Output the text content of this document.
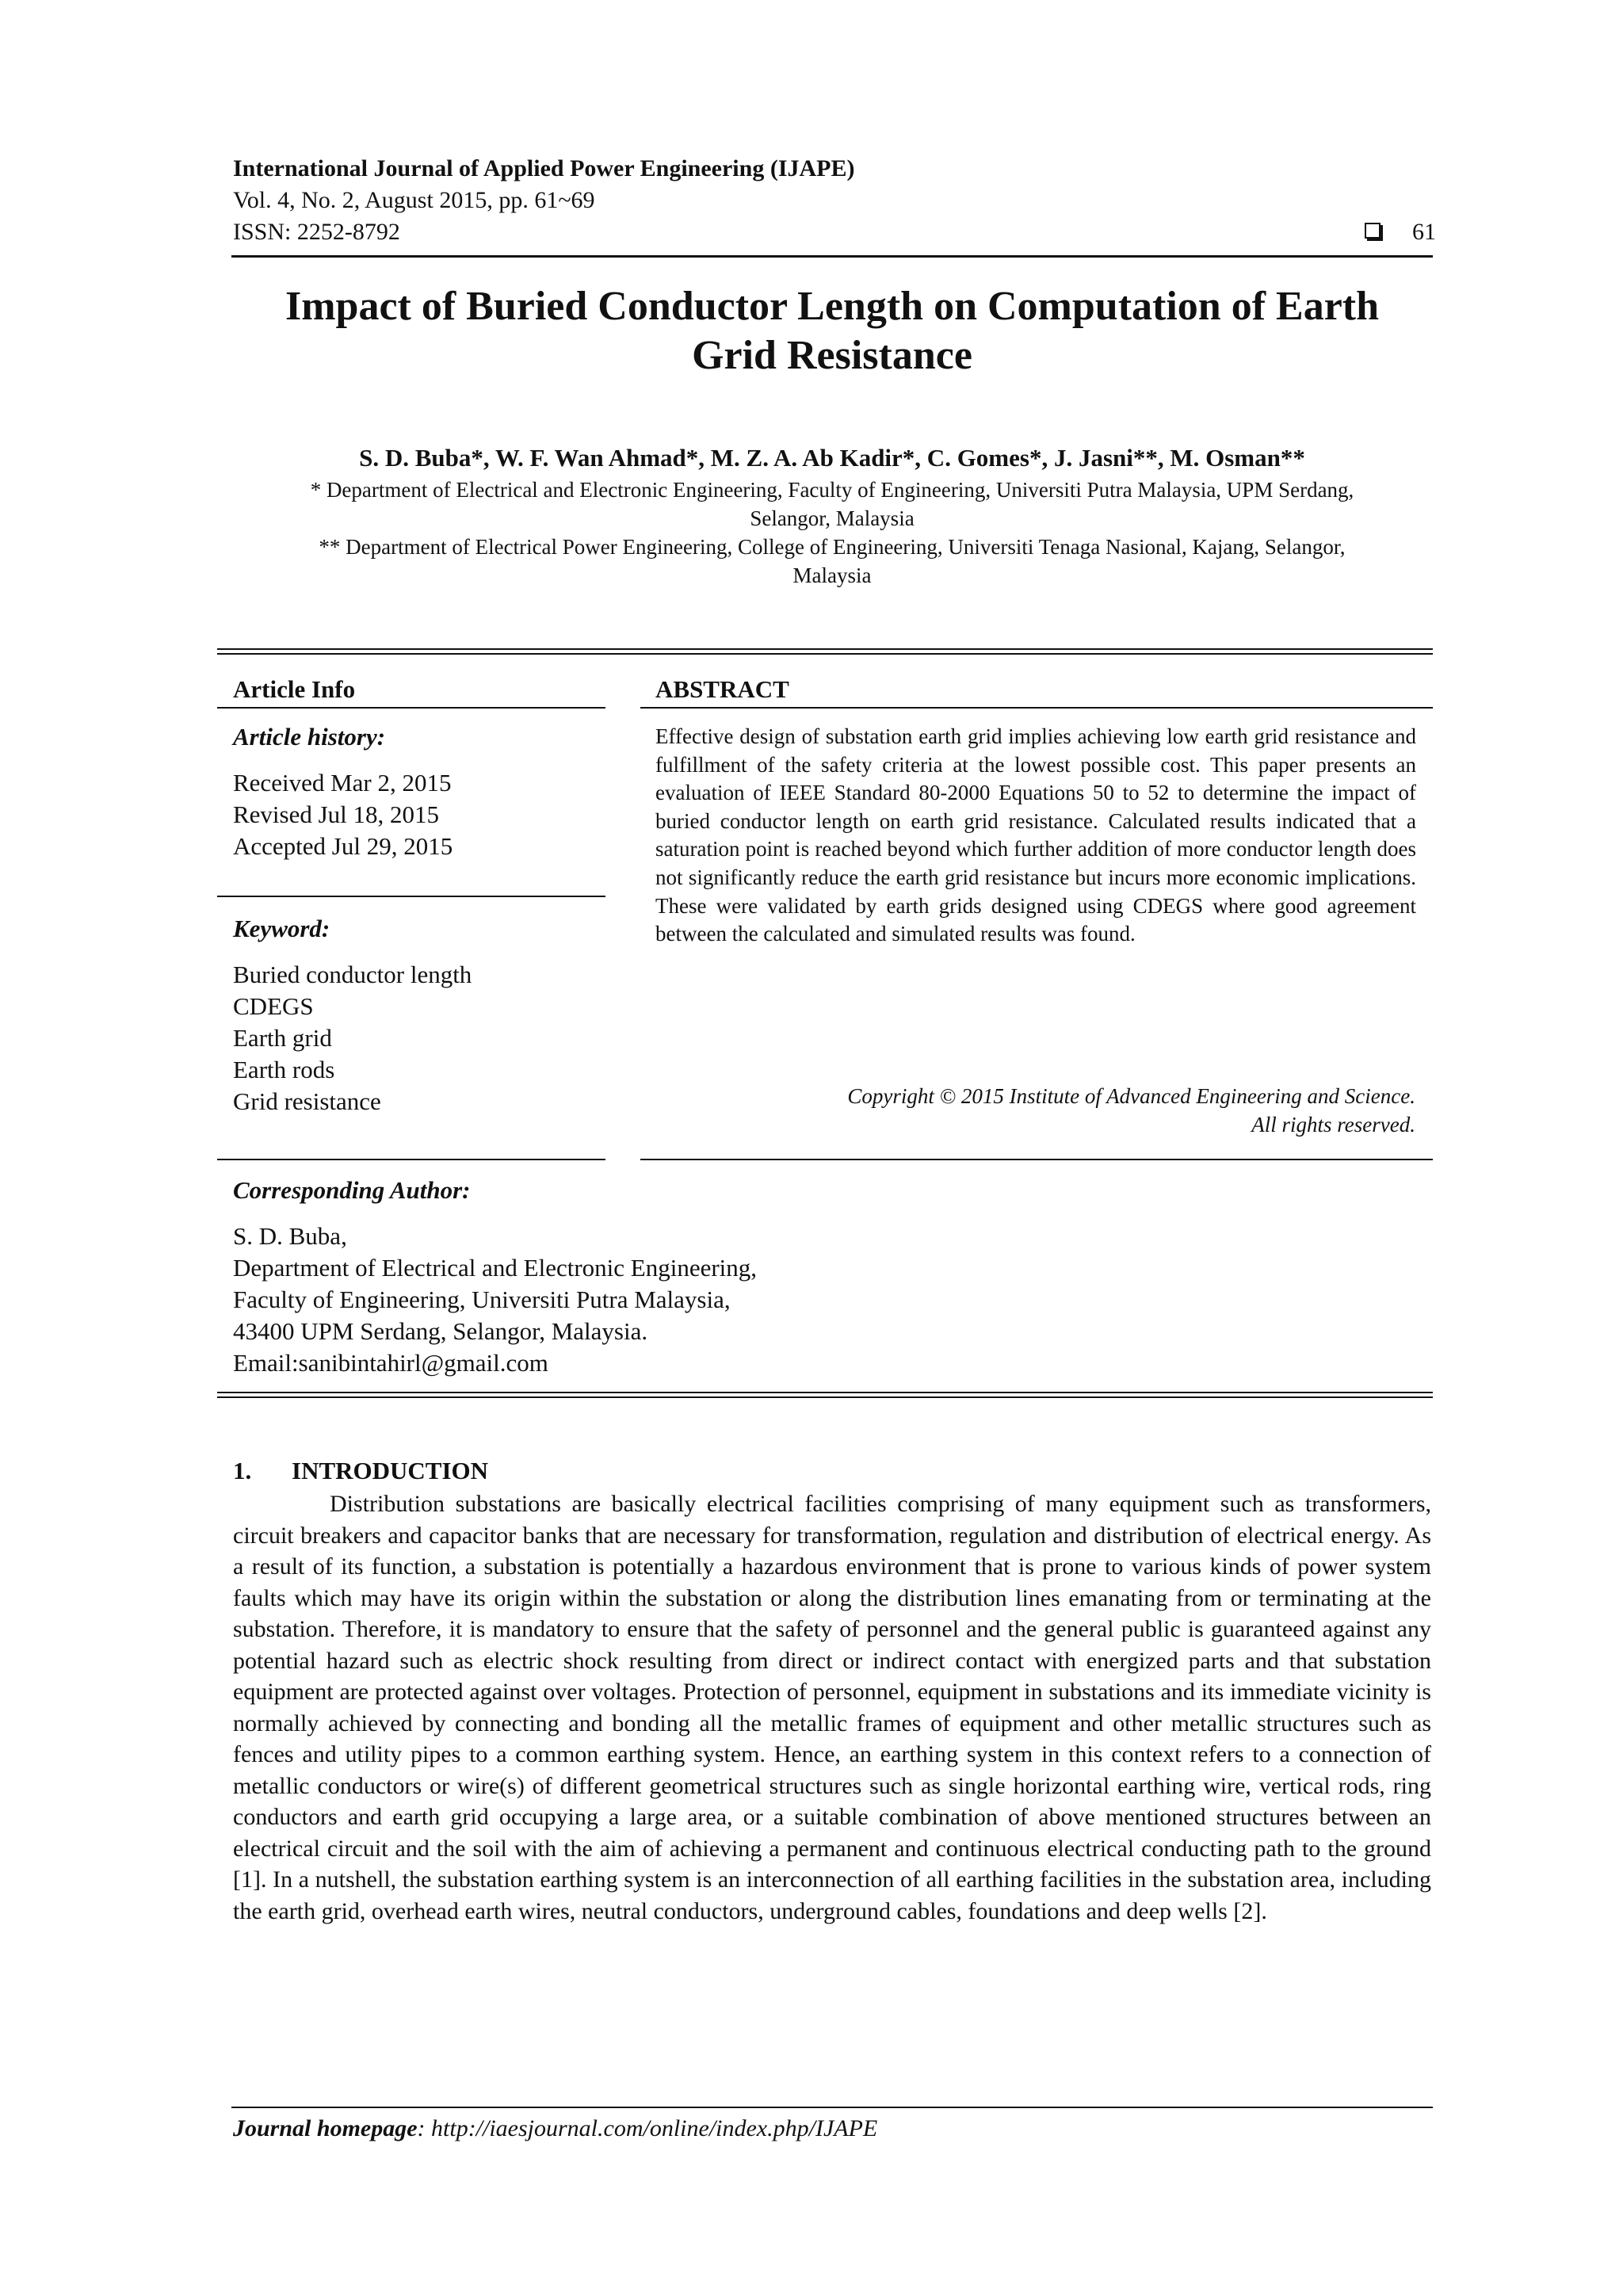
International Journal of Applied Power Engineering (IJAPE)
Vol. 4, No. 2, August 2015, pp. 61~69
ISSN: 2252-8792	61
Impact of Buried Conductor Length on Computation of Earth
Grid Resistance
S. D. Buba*, W. F. Wan Ahmad*, M. Z. A. Ab Kadir*, C. Gomes*, J. Jasni**, M. Osman**
* Department of Electrical and Electronic Engineering, Faculty of Engineering, Universiti Putra Malaysia, UPM Serdang,
Selangor, Malaysia
** Department of Electrical Power Engineering, College of Engineering, Universiti Tenaga Nasional, Kajang, Selangor,
Malaysia
Article Info
Article history:
Received Mar 2, 2015
Revised Jul 18, 2015
Accepted Jul 29, 2015
Keyword:
Buried conductor length
CDEGS
Earth grid
Earth rods
Grid resistance
ABSTRACT
Effective design of substation earth grid implies achieving low earth grid resistance and fulfillment of the safety criteria at the lowest possible cost. This paper presents an evaluation of IEEE Standard 80-2000 Equations 50 to 52 to determine the impact of buried conductor length on earth grid resistance. Calculated results indicated that a saturation point is reached beyond which further addition of more conductor length does not significantly reduce the earth grid resistance but incurs more economic implications. These were validated by earth grids designed using CDEGS where good agreement between the calculated and simulated results was found.
Copyright © 2015 Institute of Advanced Engineering and Science.
All rights reserved.
Corresponding Author:
S. D. Buba,
Department of Electrical and Electronic Engineering,
Faculty of Engineering, Universiti Putra Malaysia,
43400 UPM Serdang, Selangor, Malaysia.
Email:sanibintahirl@gmail.com
1. INTRODUCTION
Distribution substations are basically electrical facilities comprising of many equipment such as transformers, circuit breakers and capacitor banks that are necessary for transformation, regulation and distribution of electrical energy. As a result of its function, a substation is potentially a hazardous environment that is prone to various kinds of power system faults which may have its origin within the substation or along the distribution lines emanating from or terminating at the substation. Therefore, it is mandatory to ensure that the safety of personnel and the general public is guaranteed against any potential hazard such as electric shock resulting from direct or indirect contact with energized parts and that substation equipment are protected against over voltages. Protection of personnel, equipment in substations and its immediate vicinity is normally achieved by connecting and bonding all the metallic frames of equipment and other metallic structures such as fences and utility pipes to a common earthing system. Hence, an earthing system in this context refers to a connection of metallic conductors or wire(s) of different geometrical structures such as single horizontal earthing wire, vertical rods, ring conductors and earth grid occupying a large area, or a suitable combination of above mentioned structures between an electrical circuit and the soil with the aim of achieving a permanent and continuous electrical conducting path to the ground [1]. In a nutshell, the substation earthing system is an interconnection of all earthing facilities in the substation area, including the earth grid, overhead earth wires, neutral conductors, underground cables, foundations and deep wells [2].
Journal homepage: http://iaesjournal.com/online/index.php/IJAPE
